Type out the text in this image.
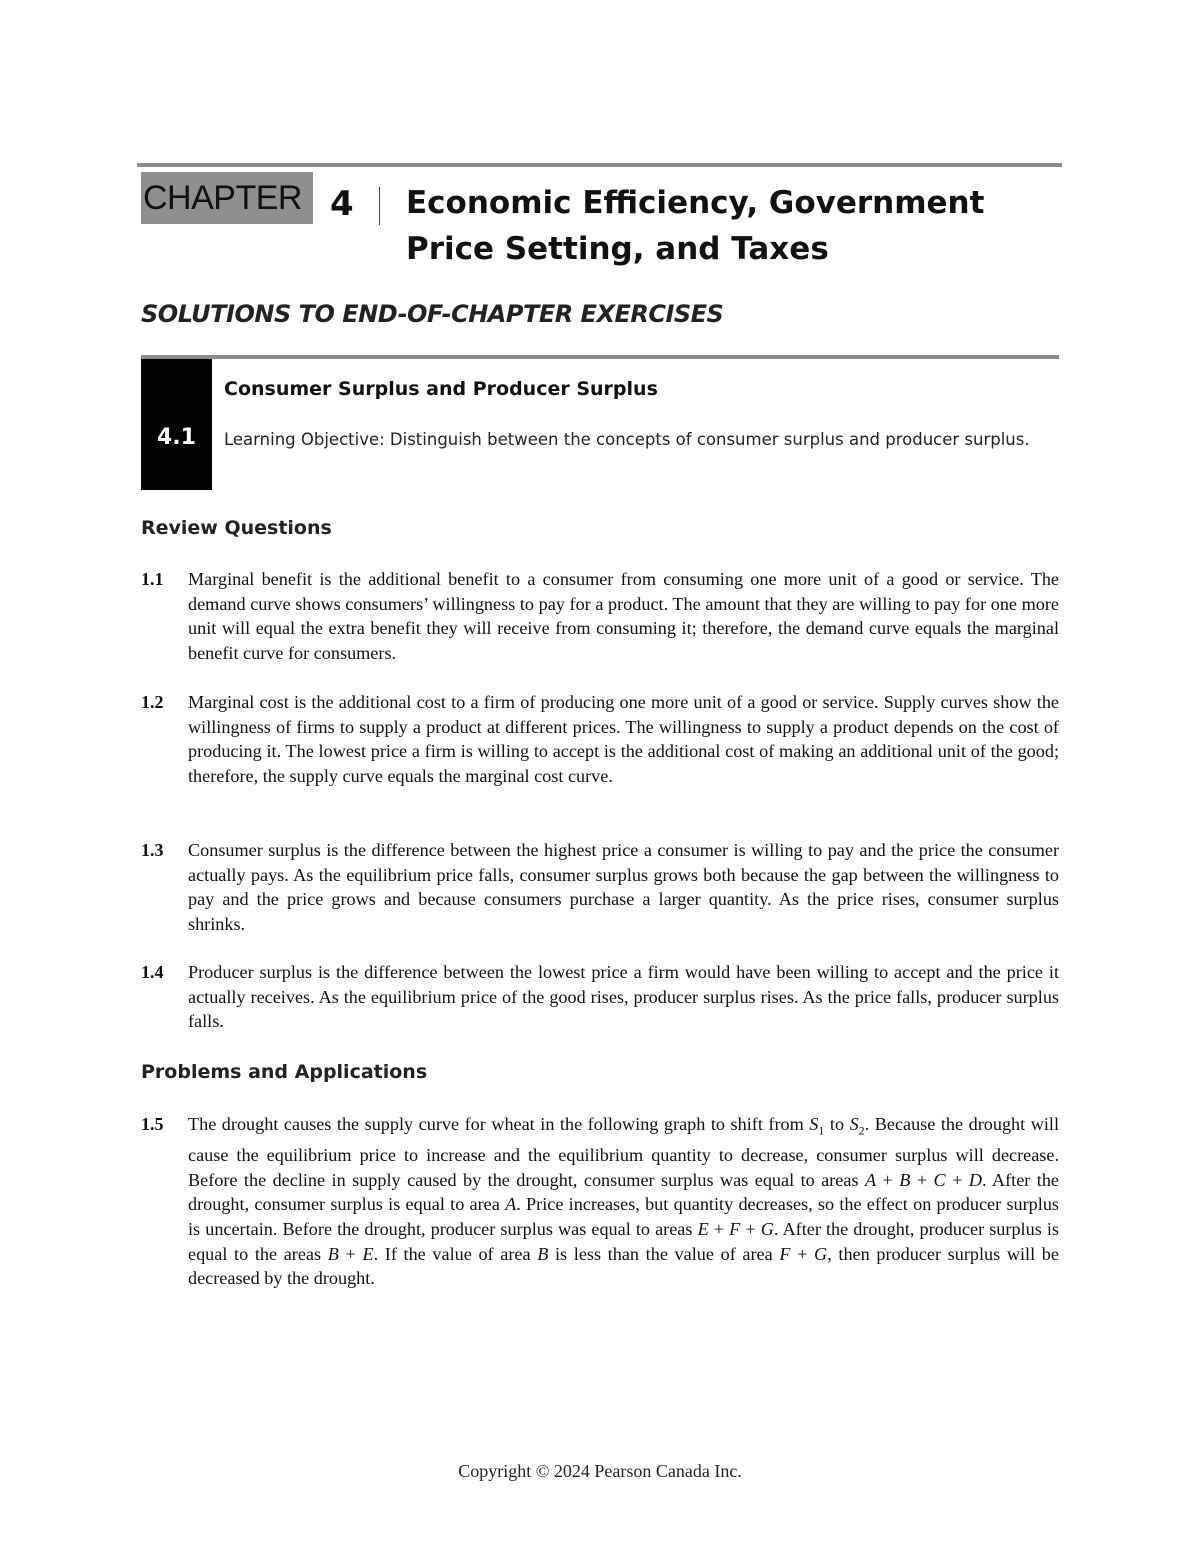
CHAPTER 4 Economic Efficiency, Government
Price Setting, and Taxes
SOLUTIONS TO END-OF-CHAPTER EXERCISES
4.1
Consumer Surplus and Producer Surplus
Learning Objective: Distinguish between the concepts of consumer surplus and producer surplus.
Review Questions
1.1 Marginal benefit is the additional benefit to a consumer from consuming one more unit of a good or service. The demand curve shows consumers’ willingness to pay for a product. The amount that they are willing to pay for one more unit will equal the extra benefit they will receive from consuming it; therefore, the demand curve equals the marginal benefit curve for consumers.
1.2 Marginal cost is the additional cost to a firm of producing one more unit of a good or service. Supply curves show the willingness of firms to supply a product at different prices. The willingness to supply a product depends on the cost of producing it. The lowest price a firm is willing to accept is the additional cost of making an additional unit of the good; therefore, the supply curve equals the marginal cost curve.
1.3 Consumer surplus is the difference between the highest price a consumer is willing to pay and the price the consumer actually pays. As the equilibrium price falls, consumer surplus grows both because the gap between the willingness to pay and the price grows and because consumers purchase a larger quantity. As the price rises, consumer surplus shrinks.
1.4 Producer surplus is the difference between the lowest price a firm would have been willing to accept and the price it actually receives. As the equilibrium price of the good rises, producer surplus rises. As the price falls, producer surplus falls.
Problems and Applications
1.5 The drought causes the supply curve for wheat in the following graph to shift from $S_1$ to $S_2$. Because the drought will cause the equilibrium price to increase and the equilibrium quantity to decrease, consumer surplus will decrease. Before the decline in supply caused by the drought, consumer surplus was equal to areas A + B + C + D. After the drought, consumer surplus is equal to area A. Price increases, but quantity decreases, so the effect on producer surplus is uncertain. Before the drought, producer surplus was equal to areas E + F + G. After the drought, producer surplus is equal to the areas B + E. If the value of area B is less than the value of area F + G, then producer surplus will be decreased by the drought.
Copyright © 2024 Pearson Canada Inc.
